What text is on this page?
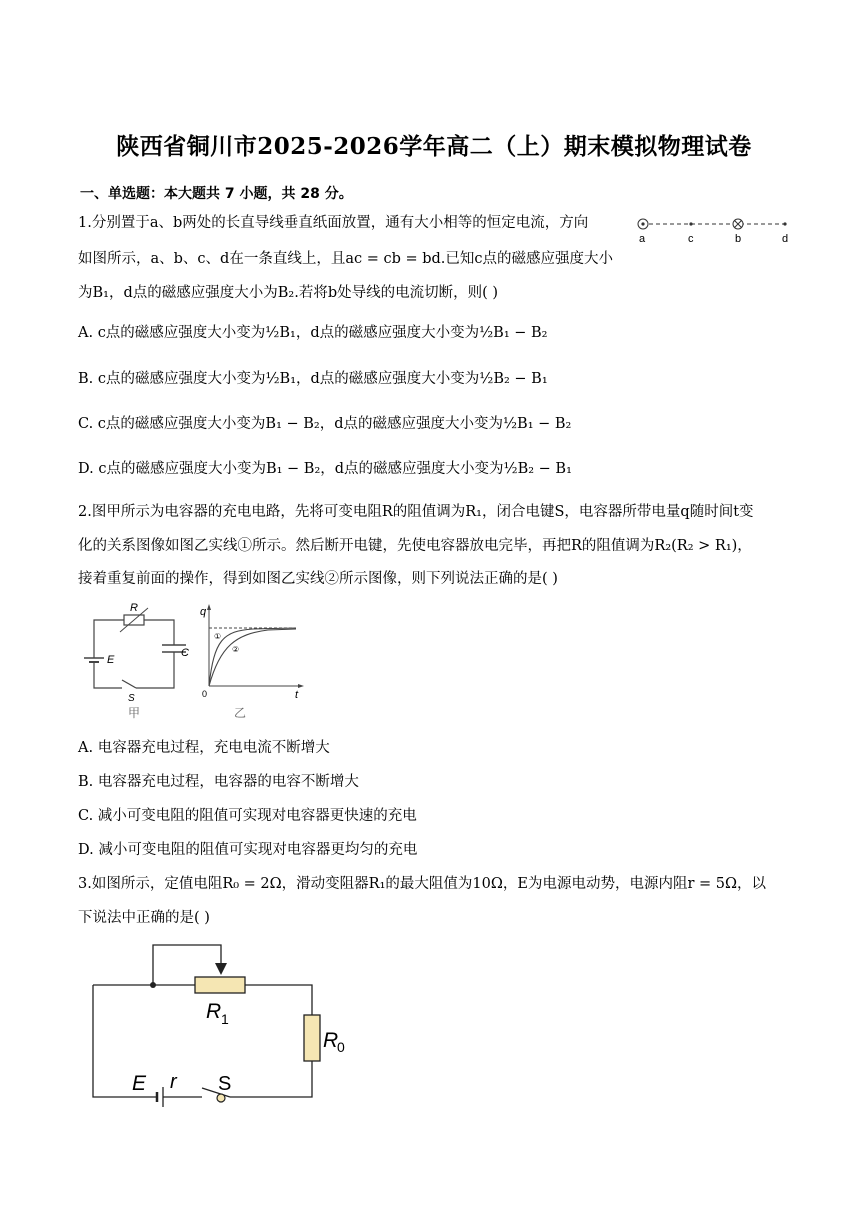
陕西省铜川市2025-2026学年高二（上）期末模拟物理试卷
一、单选题：本大题共 7 小题，共 28 分。
1.分别置于a、b两处的长直导线垂直纸面放置，通有大小相等的恒定电流，方向
如图所示，a、b、c、d在一条直线上，且ac = cb = bd.已知c点的磁感应强度大小
为B₁，d点的磁感应强度大小为B₂.若将b处导线的电流切断，则( )
a	c	b	d
A. c点的磁感应强度大小变为½B₁，d点的磁感应强度大小变为½B₁ − B₂
B. c点的磁感应强度大小变为½B₁，d点的磁感应强度大小变为½B₂ − B₁
C. c点的磁感应强度大小变为B₁ − B₂，d点的磁感应强度大小变为½B₁ − B₂
D. c点的磁感应强度大小变为B₁ − B₂，d点的磁感应强度大小变为½B₂ − B₁
2.图甲所示为电容器的充电电路，先将可变电阻R的阻值调为R₁，闭合电键S，电容器所带电量q随时间t变
化的关系图像如图乙实线①所示。然后断开电键，先使电容器放电完毕，再把R的阻值调为R₂(R₂ > R₁)，
接着重复前面的操作，得到如图乙实线②所示图像，则下列说法正确的是( )
R
E
C
S
甲
q
t
0
①
②
乙
A. 电容器充电过程，充电电流不断增大
B. 电容器充电过程，电容器的电容不断增大
C. 减小可变电阻的阻值可实现对电容器更快速的充电
D. 减小可变电阻的阻值可实现对电容器更均匀的充电
3.如图所示，定值电阻R₀ = 2Ω，滑动变阻器R₁的最大阻值为10Ω，E为电源电动势，电源内阻r = 5Ω，以
下说法中正确的是( )
R 1
R
0
S
E r
